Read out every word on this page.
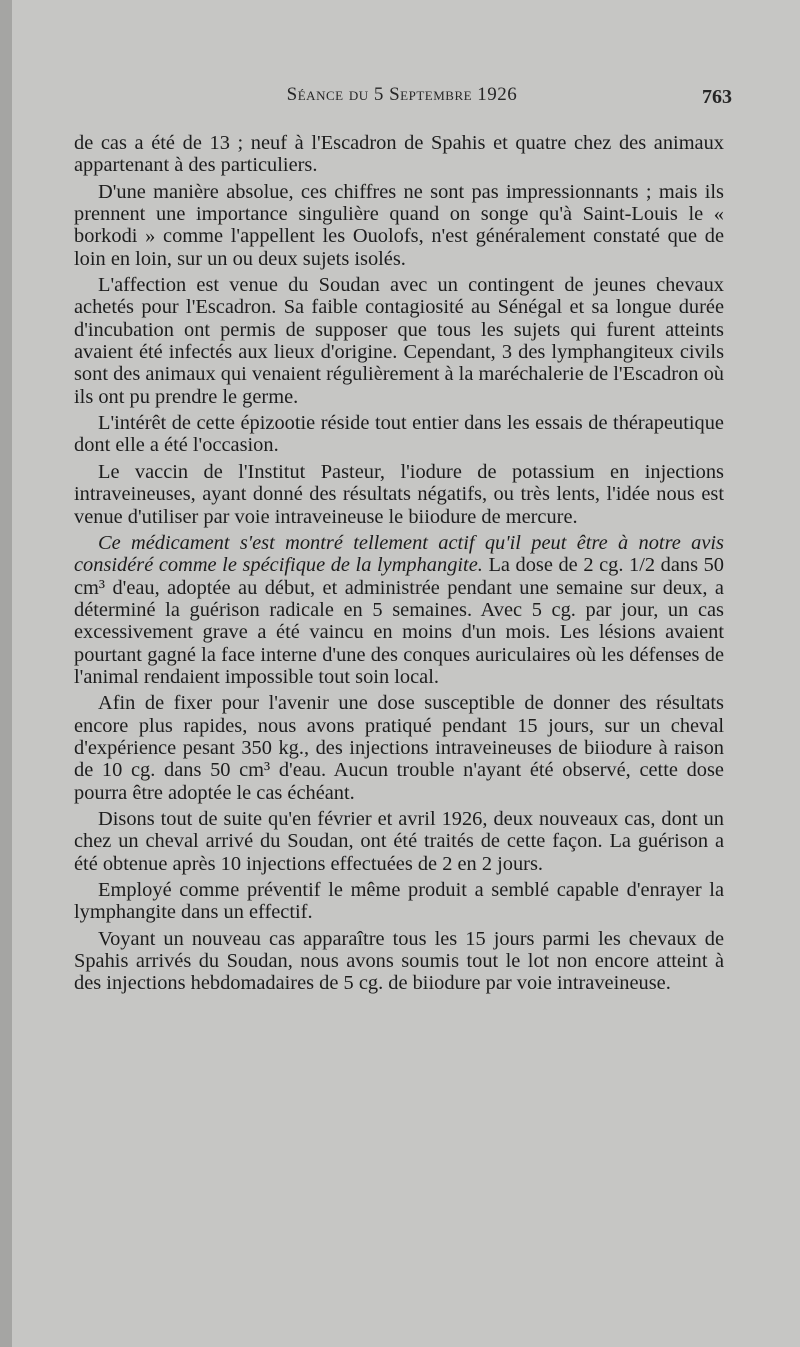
Séance du 5 Septembre 1926	763

de cas a été de 13 ; neuf à l'Escadron de Spahis et quatre chez des animaux appartenant à des particuliers.

D'une manière absolue, ces chiffres ne sont pas impressionnants ; mais ils prennent une importance singulière quand on songe qu'à Saint-Louis le « borkodi » comme l'appellent les Ouolofs, n'est généralement constaté que de loin en loin, sur un ou deux sujets isolés.

L'affection est venue du Soudan avec un contingent de jeunes chevaux achetés pour l'Escadron. Sa faible contagiosité au Sénégal et sa longue durée d'incubation ont permis de supposer que tous les sujets qui furent atteints avaient été infectés aux lieux d'origine. Cependant, 3 des lymphangiteux civils sont des animaux qui venaient régulièrement à la maréchalerie de l'Escadron où ils ont pu prendre le germe.

L'intérêt de cette épizootie réside tout entier dans les essais de thérapeutique dont elle a été l'occasion.

Le vaccin de l'Institut Pasteur, l'iodure de potassium en injections intraveineuses, ayant donné des résultats négatifs, ou très lents, l'idée nous est venue d'utiliser par voie intraveineuse le biiodure de mercure.

Ce médicament s'est montré tellement actif qu'il peut être à notre avis considéré comme le spécifique de la lymphangite. La dose de 2 cg. 1/2 dans 50 cm³ d'eau, adoptée au début, et administrée pendant une semaine sur deux, a déterminé la guérison radicale en 5 semaines. Avec 5 cg. par jour, un cas excessivement grave a été vaincu en moins d'un mois. Les lésions avaient pourtant gagné la face interne d'une des conques auriculaires où les défenses de l'animal rendaient impossible tout soin local.

Afin de fixer pour l'avenir une dose susceptible de donner des résultats encore plus rapides, nous avons pratiqué pendant 15 jours, sur un cheval d'expérience pesant 350 kg., des injections intraveineuses de biiodure à raison de 10 cg. dans 50 cm³ d'eau. Aucun trouble n'ayant été observé, cette dose pourra être adoptée le cas échéant.

Disons tout de suite qu'en février et avril 1926, deux nouveaux cas, dont un chez un cheval arrivé du Soudan, ont été traités de cette façon. La guérison a été obtenue après 10 injections effectuées de 2 en 2 jours.

Employé comme préventif le même produit a semblé capable d'enrayer la lymphangite dans un effectif.

Voyant un nouveau cas apparaître tous les 15 jours parmi les chevaux de Spahis arrivés du Soudan, nous avons soumis tout le lot non encore atteint à des injections hebdomadaires de 5 cg. de biiodure par voie intraveineuse.
